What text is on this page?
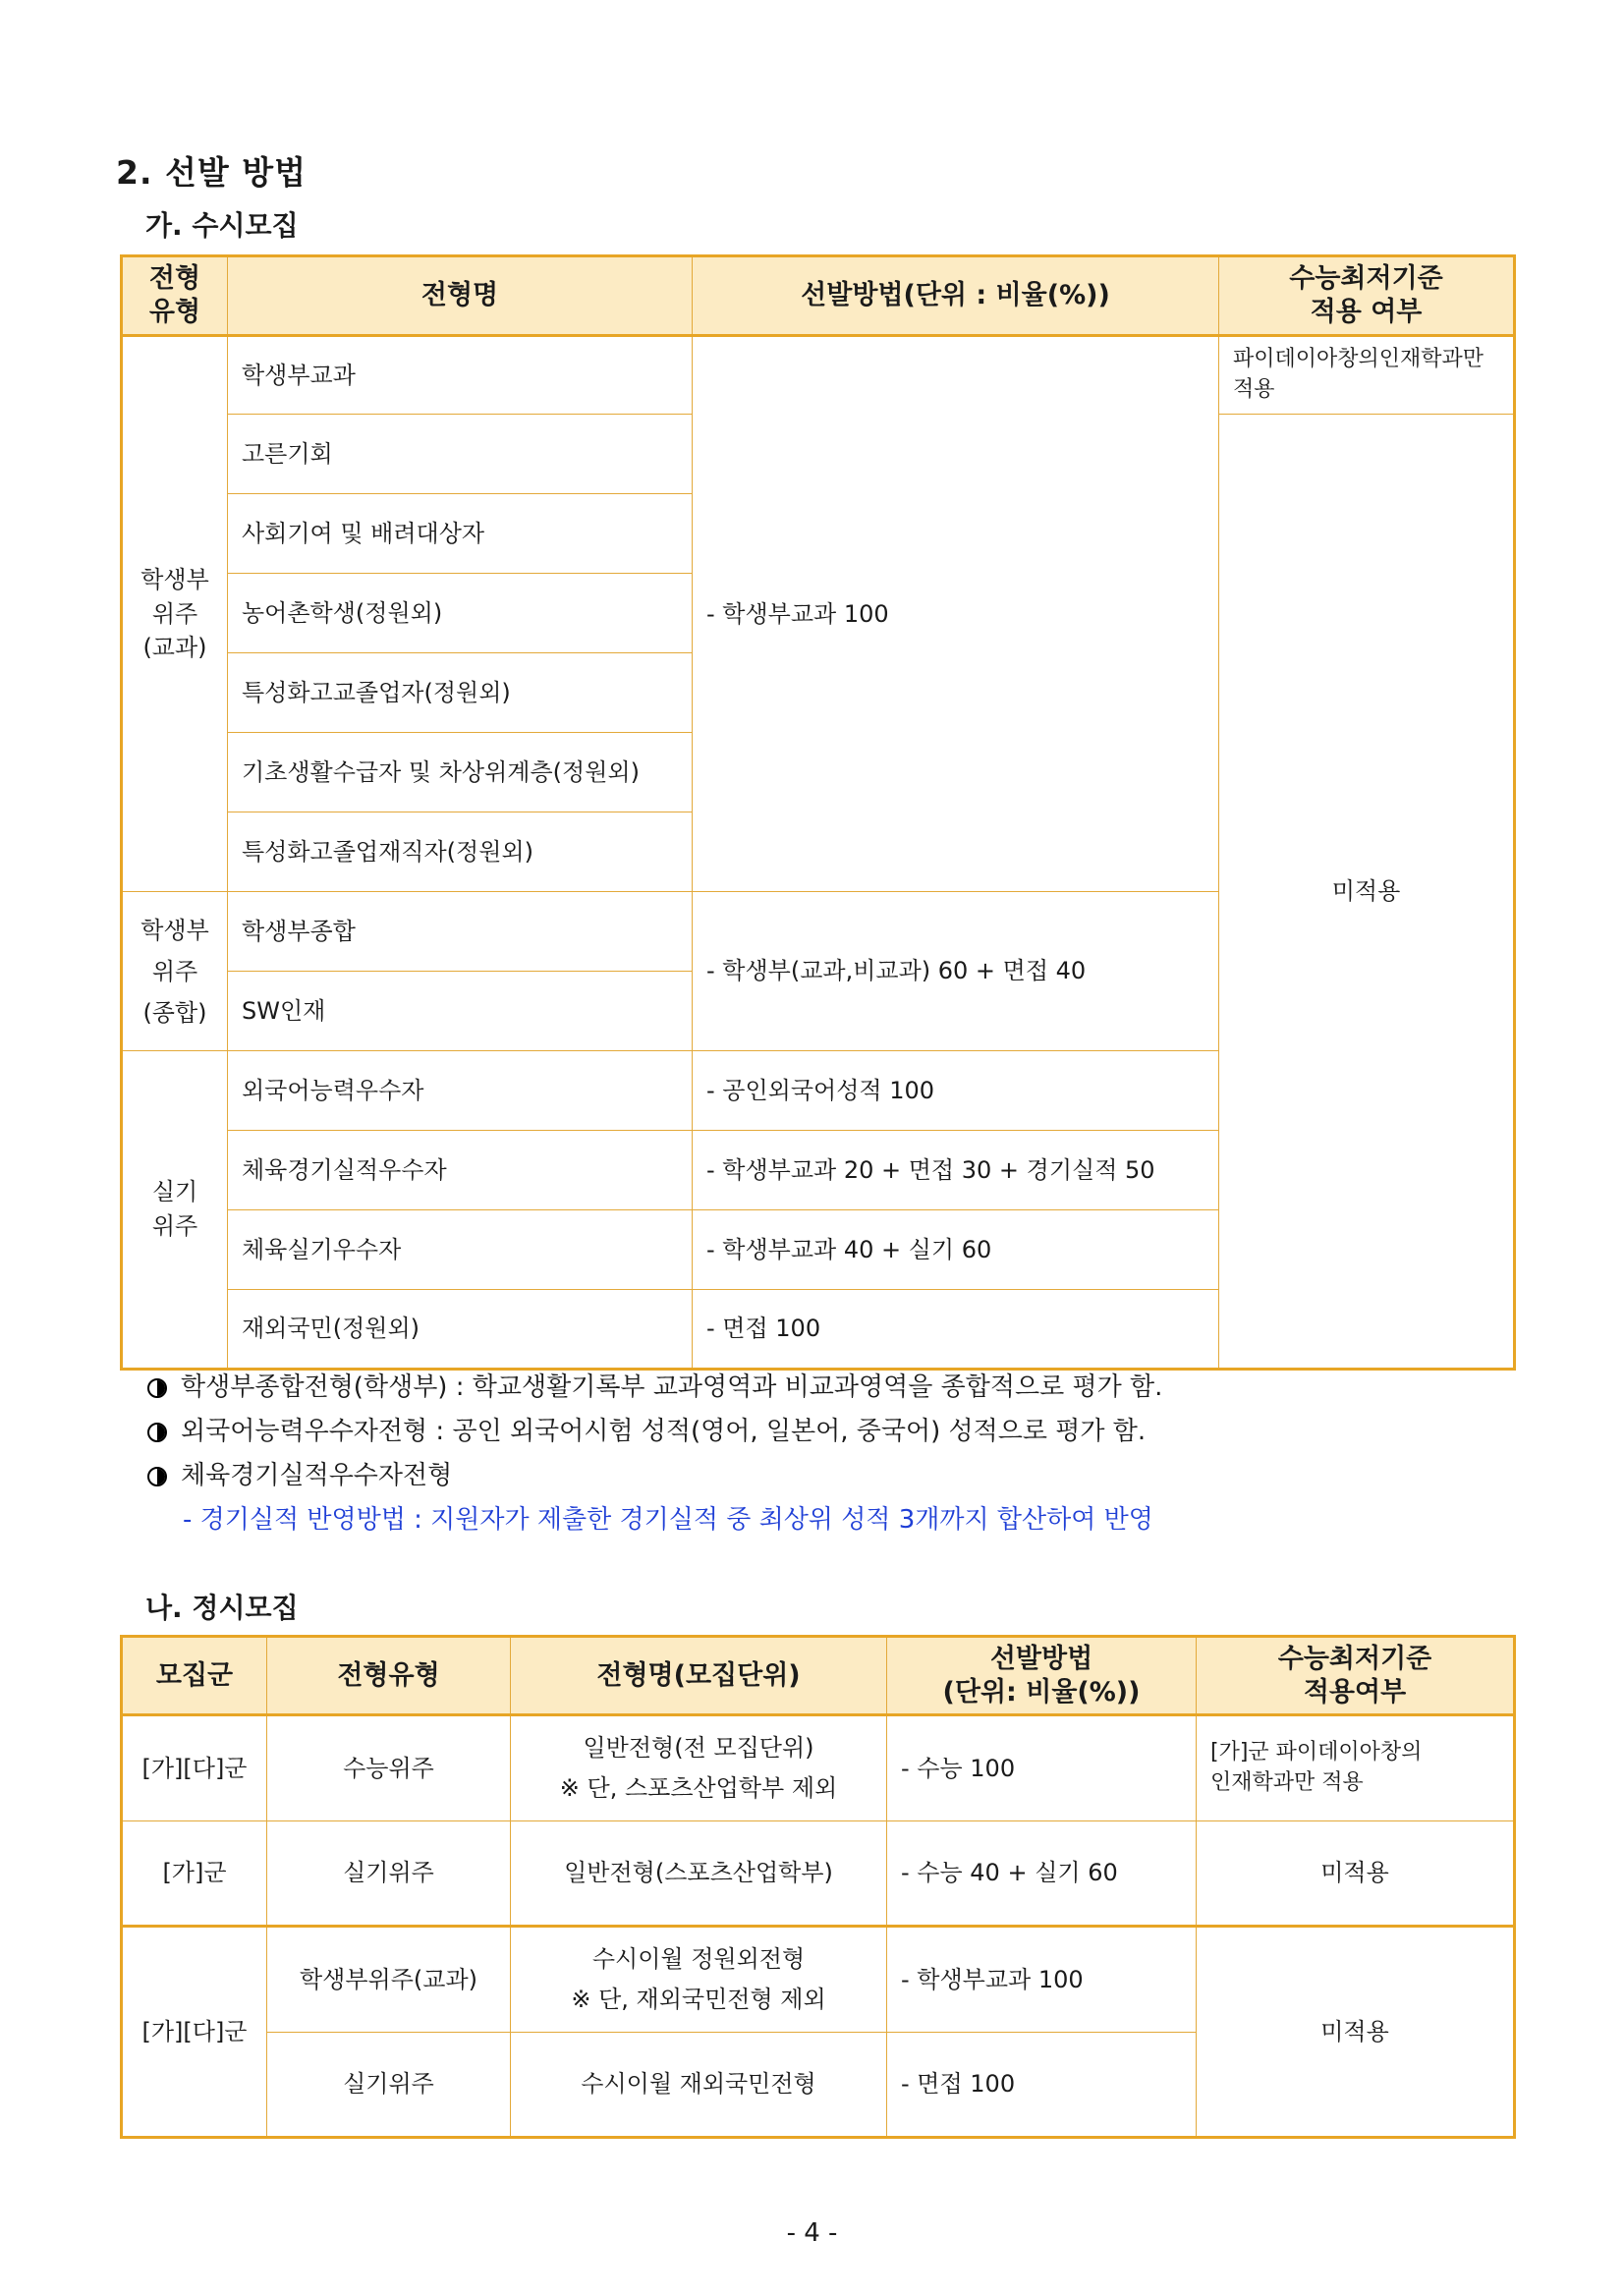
2. 선발 방법
가. 수시모집
전형
유형	전형명	선발방법(단위 : 비율(%))	수능최저기준
적용 여부
학생부
위주
(교과)	학생부교과	- 학생부교과 100	파이데이아창의인재학과만 적용
	고른기회		미적용
	사회기여 및 배려대상자		
	농어촌학생(정원외)		
	특성화고교졸업자(정원외)		
	기초생활수급자 및 차상위계층(정원외)		
	특성화고졸업재직자(정원외)		
학생부
위주
(종합)	학생부종합	- 학생부(교과,비교과) 60 + 면접 40	
	SW인재		
실기
위주	외국어능력우수자	- 공인외국어성적 100	
	체육경기실적우수자	- 학생부교과 20 + 면접 30 + 경기실적 50	
	체육실기우수자	- 학생부교과 40 + 실기 60	
	재외국민(정원외)	- 면접 100	
학생부종합전형(학생부) : 학교생활기록부 교과영역과 비교과영역을 종합적으로 평가 함.
외국어능력우수자전형 : 공인 외국어시험 성적(영어, 일본어, 중국어) 성적으로 평가 함.
체육경기실적우수자전형
- 경기실적 반영방법 : 지원자가 제출한 경기실적 중 최상위 성적 3개까지 합산하여 반영
나. 정시모집
모집군	전형유형	전형명(모집단위)	선발방법
(단위: 비율(%))	수능최저기준
적용여부
[가][다]군	수능위주	일반전형(전 모집단위)
※ 단, 스포츠산업학부 제외	- 수능 100	[가]군 파이데이아창의
인재학과만 적용
[가]군	실기위주	일반전형(스포츠산업학부)	- 수능 40 + 실기 60	미적용
[가][다]군	학생부위주(교과)	수시이월 정원외전형
※ 단, 재외국민전형 제외	- 학생부교과 100	미적용
	실기위주	수시이월 재외국민전형	- 면접 100	
- 4 -
